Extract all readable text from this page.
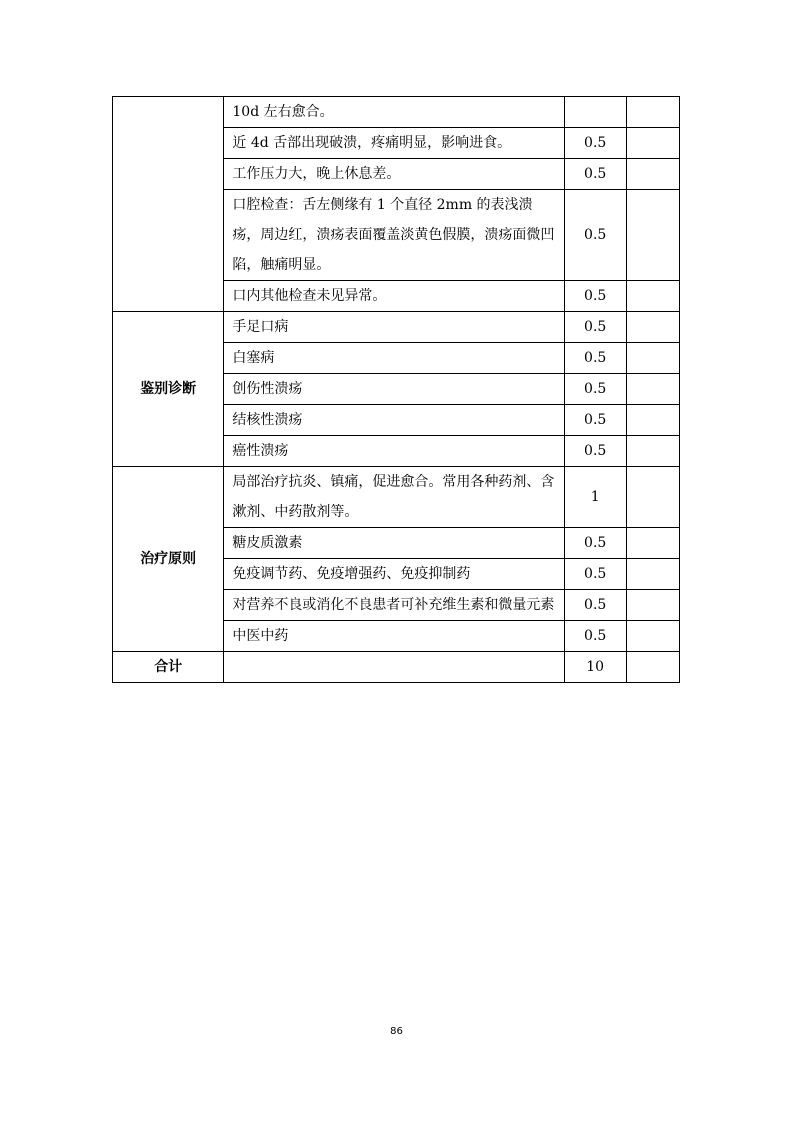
	10d 左右愈合。		
	近 4d 舌部出现破溃，疼痛明显，影响进食。	0.5	
	工作压力大，晚上休息差。	0.5	
	口腔检查：舌左侧缘有 1 个直径 2mm 的表浅溃疡，周边红，溃疡表面覆盖淡黄色假膜，溃疡面微凹陷，触痛明显。	0.5	
	口内其他检查未见异常。	0.5	
鉴别诊断	手足口病	0.5	
	白塞病	0.5	
	创伤性溃疡	0.5	
	结核性溃疡	0.5	
	癌性溃疡	0.5	
治疗原则	局部治疗抗炎、镇痛，促进愈合。常用各种药剂、含漱剂、中药散剂等。	1	
	糖皮质激素	0.5	
	免疫调节药、免疫增强药、免疫抑制药	0.5	
	对营养不良或消化不良患者可补充维生素和微量元素	0.5	
	中医中药	0.5	
合计		10	
86
